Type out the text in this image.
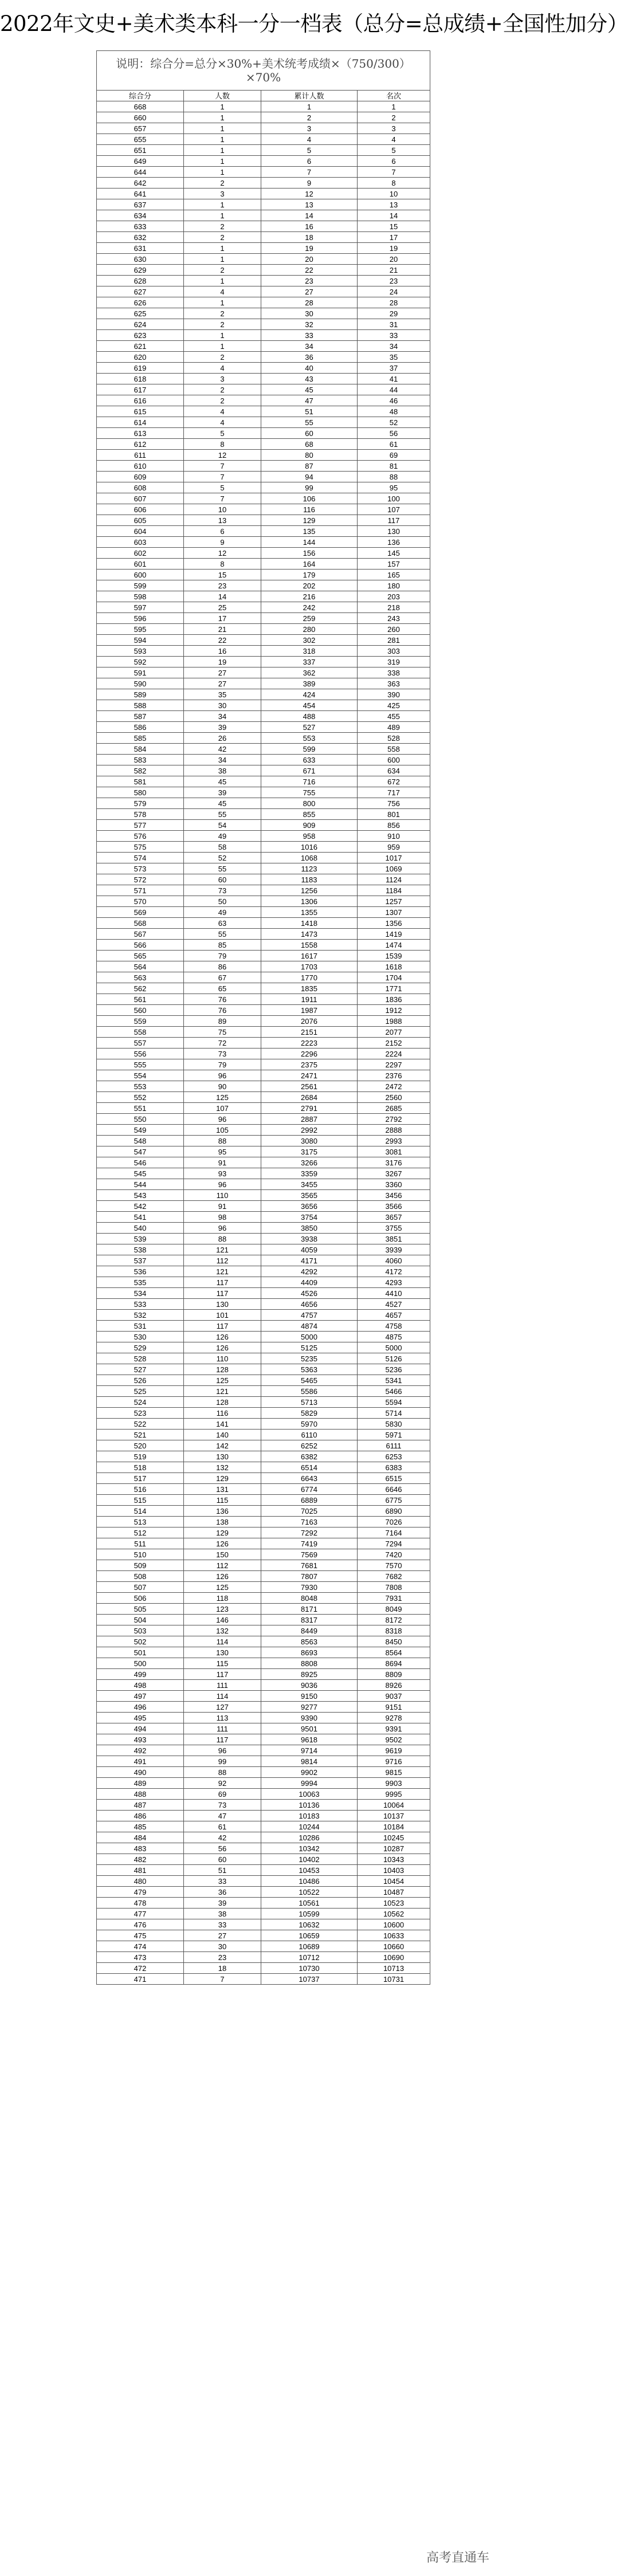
2022年文史+美术类本科一分一档表（总分=总成绩+全国性加分）
说明：综合分=总分×30%+美术统考成绩×（750/300）×70%			
综合分	人数	累计人数	名次
668	1	1	1
660	1	2	2
657	1	3	3
655	1	4	4
651	1	5	5
649	1	6	6
644	1	7	7
642	2	9	8
641	3	12	10
637	1	13	13
634	1	14	14
633	2	16	15
632	2	18	17
631	1	19	19
630	1	20	20
629	2	22	21
628	1	23	23
627	4	27	24
626	1	28	28
625	2	30	29
624	2	32	31
623	1	33	33
621	1	34	34
620	2	36	35
619	4	40	37
618	3	43	41
617	2	45	44
616	2	47	46
615	4	51	48
614	4	55	52
613	5	60	56
612	8	68	61
611	12	80	69
610	7	87	81
609	7	94	88
608	5	99	95
607	7	106	100
606	10	116	107
605	13	129	117
604	6	135	130
603	9	144	136
602	12	156	145
601	8	164	157
600	15	179	165
599	23	202	180
598	14	216	203
597	25	242	218
596	17	259	243
595	21	280	260
594	22	302	281
593	16	318	303
592	19	337	319
591	27	362	338
590	27	389	363
589	35	424	390
588	30	454	425
587	34	488	455
586	39	527	489
585	26	553	528
584	42	599	558
583	34	633	600
582	38	671	634
581	45	716	672
580	39	755	717
579	45	800	756
578	55	855	801
577	54	909	856
576	49	958	910
575	58	1016	959
574	52	1068	1017
573	55	1123	1069
572	60	1183	1124
571	73	1256	1184
570	50	1306	1257
569	49	1355	1307
568	63	1418	1356
567	55	1473	1419
566	85	1558	1474
565	79	1617	1539
564	86	1703	1618
563	67	1770	1704
562	65	1835	1771
561	76	1911	1836
560	76	1987	1912
559	89	2076	1988
558	75	2151	2077
557	72	2223	2152
556	73	2296	2224
555	79	2375	2297
554	96	2471	2376
553	90	2561	2472
552	125	2684	2560
551	107	2791	2685
550	96	2887	2792
549	105	2992	2888
548	88	3080	2993
547	95	3175	3081
546	91	3266	3176
545	93	3359	3267
544	96	3455	3360
543	110	3565	3456
542	91	3656	3566
541	98	3754	3657
540	96	3850	3755
539	88	3938	3851
538	121	4059	3939
537	112	4171	4060
536	121	4292	4172
535	117	4409	4293
534	117	4526	4410
533	130	4656	4527
532	101	4757	4657
531	117	4874	4758
530	126	5000	4875
529	126	5125	5000
528	110	5235	5126
527	128	5363	5236
526	125	5465	5341
525	121	5586	5466
524	128	5713	5594
523	116	5829	5714
522	141	5970	5830
521	140	6110	5971
520	142	6252	6111
519	130	6382	6253
518	132	6514	6383
517	129	6643	6515
516	131	6774	6646
515	115	6889	6775
514	136	7025	6890
513	138	7163	7026
512	129	7292	7164
511	126	7419	7294
510	150	7569	7420
509	112	7681	7570
508	126	7807	7682
507	125	7930	7808
506	118	8048	7931
505	123	8171	8049
504	146	8317	8172
503	132	8449	8318
502	114	8563	8450
501	130	8693	8564
500	115	8808	8694
499	117	8925	8809
498	111	9036	8926
497	114	9150	9037
496	127	9277	9151
495	113	9390	9278
494	111	9501	9391
493	117	9618	9502
492	96	9714	9619
491	99	9814	9716
490	88	9902	9815
489	92	9994	9903
488	69	10063	9995
487	73	10136	10064
486	47	10183	10137
485	61	10244	10184
484	42	10286	10245
483	56	10342	10287
482	60	10402	10343
481	51	10453	10403
480	33	10486	10454
479	36	10522	10487
478	39	10561	10523
477	38	10599	10562
476	33	10632	10600
475	27	10659	10633
474	30	10689	10660
473	23	10712	10690
472	18	10730	10713
471	7	10737	10731
高考直通车
